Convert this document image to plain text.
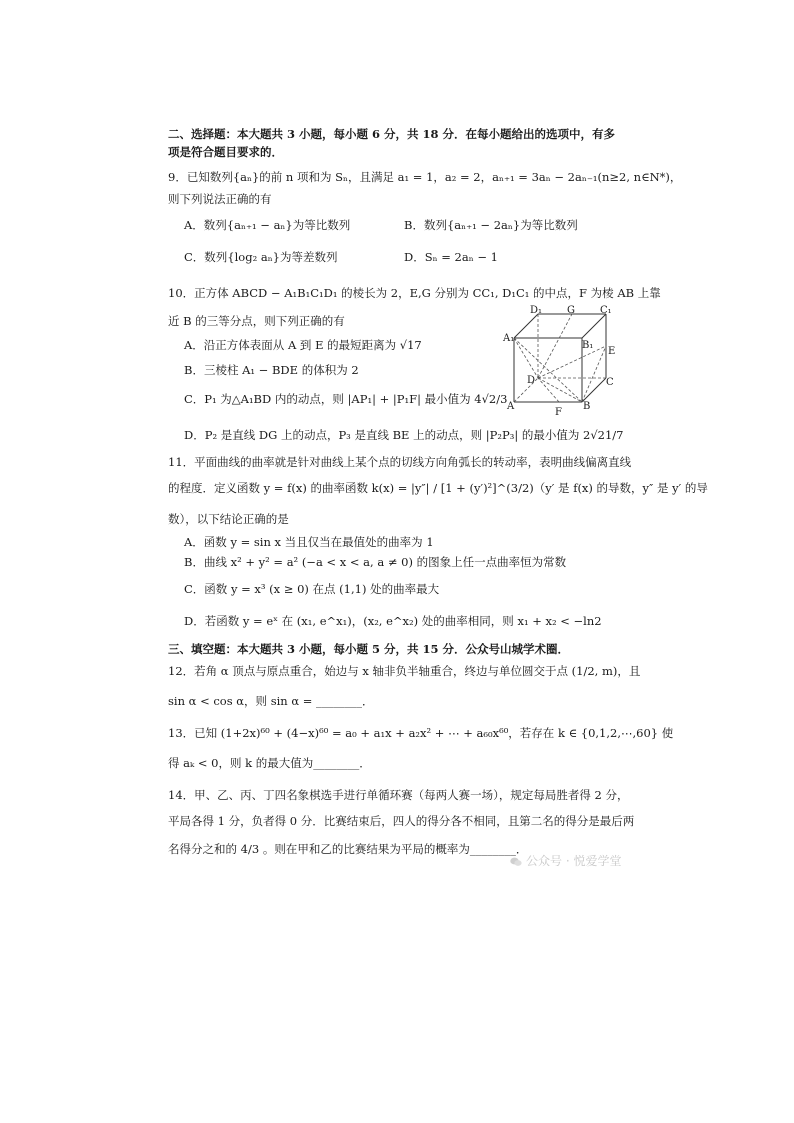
二、选择题：本大题共 3 小题，每小题 6 分，共 18 分．在每小题给出的选项中，有多
项是符合题目要求的．
9．已知数列{aₙ}的前 n 项和为 Sₙ，且满足 a₁ = 1，a₂ = 2，aₙ₊₁ = 3aₙ − 2aₙ₋₁(n≥2, n∈N*)，
则下列说法正确的有
A．数列{aₙ₊₁ − aₙ}为等比数列	B．数列{aₙ₊₁ − 2aₙ}为等比数列
C．数列{log₂ aₙ}为等差数列	D．Sₙ = 2aₙ − 1
10．正方体 ABCD − A₁B₁C₁D₁ 的棱长为 2，E,G 分别为 CC₁, D₁C₁ 的中点，F 为棱 AB 上靠
近 B 的三等分点，则下列正确的有
A．沿正方体表面从 A 到 E 的最短距离为 √17
B．三棱柱 A₁ − BDE 的体积为 2
C．P₁ 为△A₁BD 内的动点，则 |AP₁| + |P₁F| 最小值为 4√2/3
D．P₂ 是直线 DG 上的动点，P₃ 是直线 BE 上的动点，则 |P₂P₃| 的最小值为 2√21/7
D₁ G	C₁
A₁
B₁
E
D	C
A
F
B
11．平面曲线的曲率就是针对曲线上某个点的切线方向角弧长的转动率，表明曲线偏离直线
的程度．定义函数 y = f(x) 的曲率函数 k(x) = |y″| / [1 + (y′)²]^(3/2)（y′ 是 f(x) 的导数，y″ 是 y′ 的导
数），以下结论正确的是
A．函数 y = sin x 当且仅当在最值处的曲率为 1
B．曲线 x² + y² = a² (−a < x < a, a ≠ 0) 的图象上任一点曲率恒为常数
C．函数 y = x³ (x ≥ 0) 在点 (1,1) 处的曲率最大
D．若函数 y = eˣ 在 (x₁, e^x₁)，(x₂, e^x₂) 处的曲率相同，则 x₁ + x₂ < −ln2
三、填空题：本大题共 3 小题，每小题 5 分，共 15 分．公众号山城学术圈．
12．若角 α 顶点与原点重合，始边与 x 轴非负半轴重合，终边与单位圆交于点 (1/2, m)，且
sin α < cos α，则 sin α = ________．
13．已知 (1+2x)⁶⁰ + (4−x)⁶⁰ = a₀ + a₁x + a₂x² + ⋯ + a₆₀x⁶⁰，若存在 k ∈ {0,1,2,⋯,60} 使
得 aₖ < 0，则 k 的最大值为________．
14．甲、乙、丙、丁四名象棋选手进行单循环赛（每两人赛一场），规定每局胜者得 2 分，
平局各得 1 分，负者得 0 分．比赛结束后，四人的得分各不相同，且第二名的得分是最后两
名得分之和的 4/3 。则在甲和乙的比赛结果为平局的概率为________．
公众号 · 悦爱学堂
